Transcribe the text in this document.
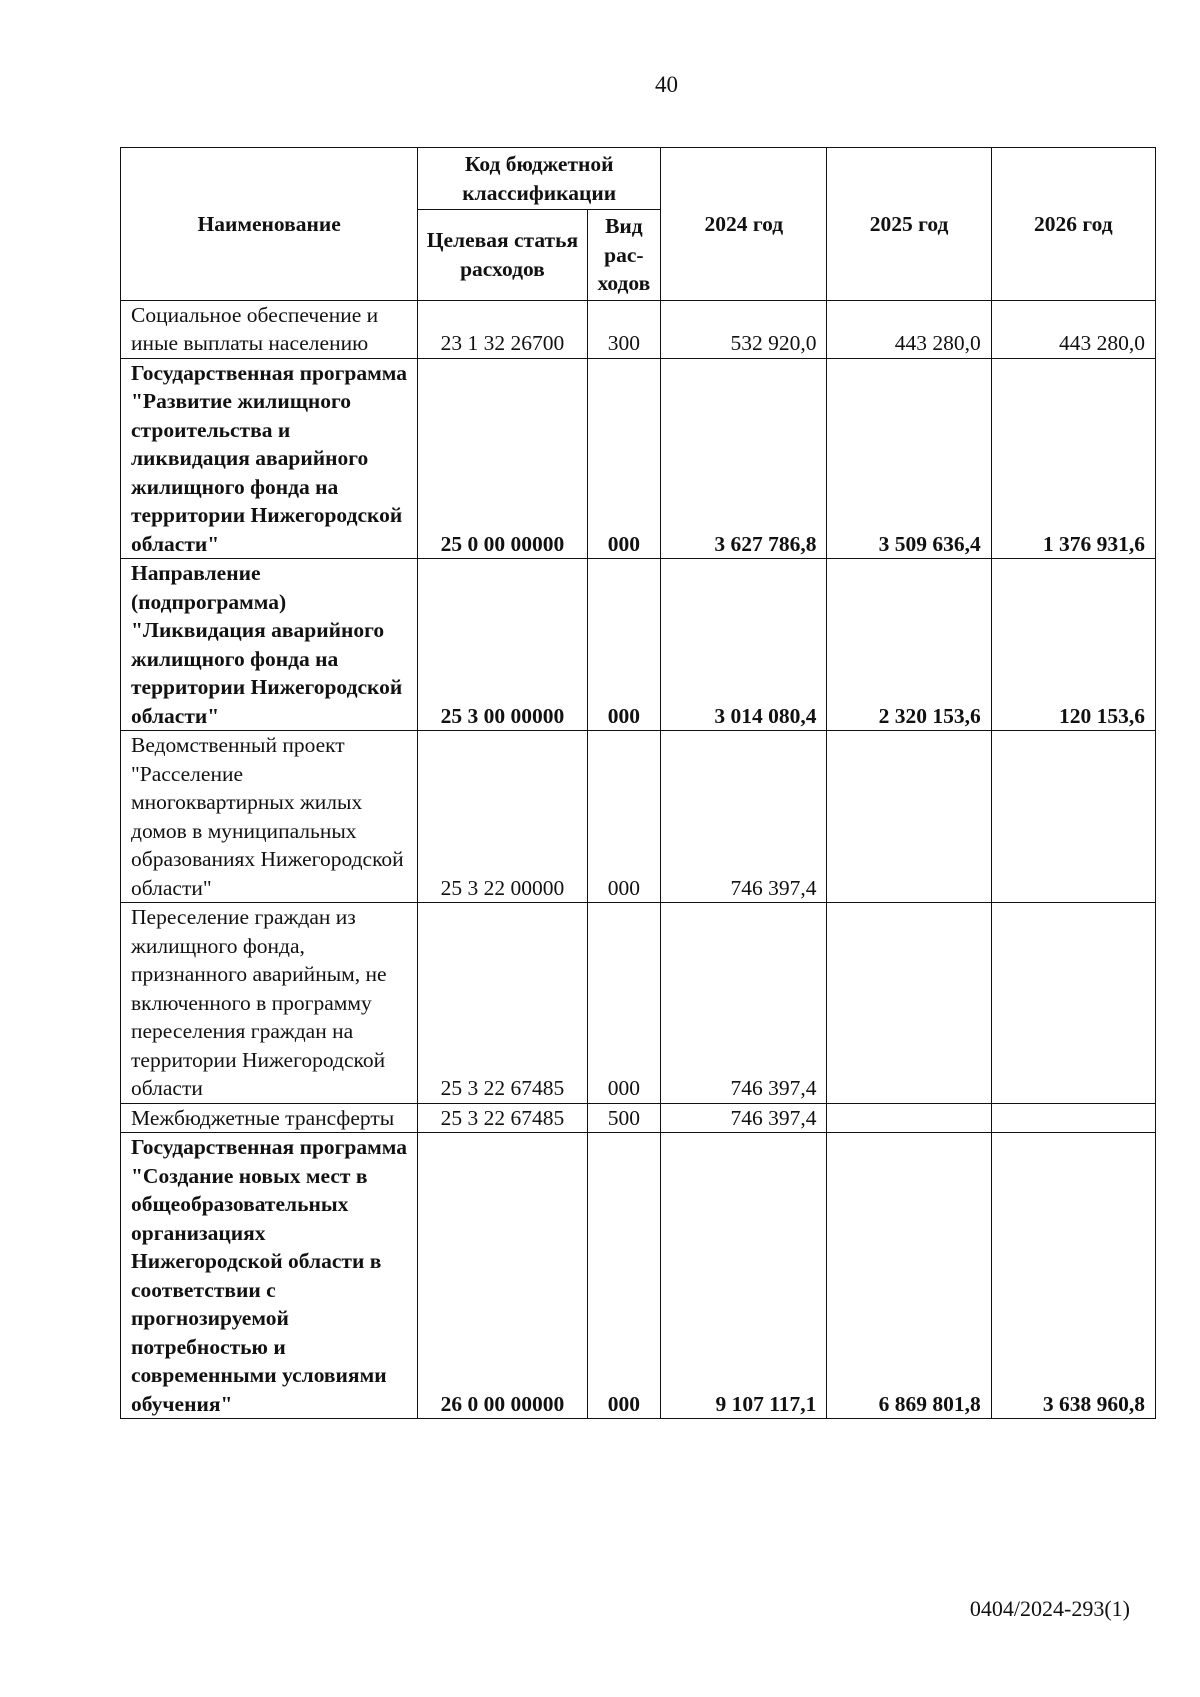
40
Наименование	Код бюджетной классификации		2024 год	2025 год	2026 год
	Целевая статья расходов	Вид рас-ходов			
Социальное обеспечение и иные выплаты населению	23 1 32 26700	300	532 920,0	443 280,0	443 280,0
Государственная программа "Развитие жилищного строительства и ликвидация аварийного жилищного фонда на территории Нижегородской области"	25 0 00 00000	000	3 627 786,8	3 509 636,4	1 376 931,6
Направление (подпрограмма) "Ликвидация аварийного жилищного фонда на территории Нижегородской области"	25 3 00 00000	000	3 014 080,4	2 320 153,6	120 153,6
Ведомственный проект "Расселение многоквартирных жилых домов в муниципальных образованиях Нижегородской области"	25 3 22 00000	000	746 397,4		
Переселение граждан из жилищного фонда, признанного аварийным, не включенного в программу переселения граждан на территории Нижегородской области	25 3 22 67485	000	746 397,4		
Межбюджетные трансферты	25 3 22 67485	500	746 397,4		
Государственная программа "Создание новых мест в общеобразовательных организациях Нижегородской области в соответствии с прогнозируемой потребностью и современными условиями обучения"	26 0 00 00000	000	9 107 117,1	6 869 801,8	3 638 960,8
0404/2024-293(1)
